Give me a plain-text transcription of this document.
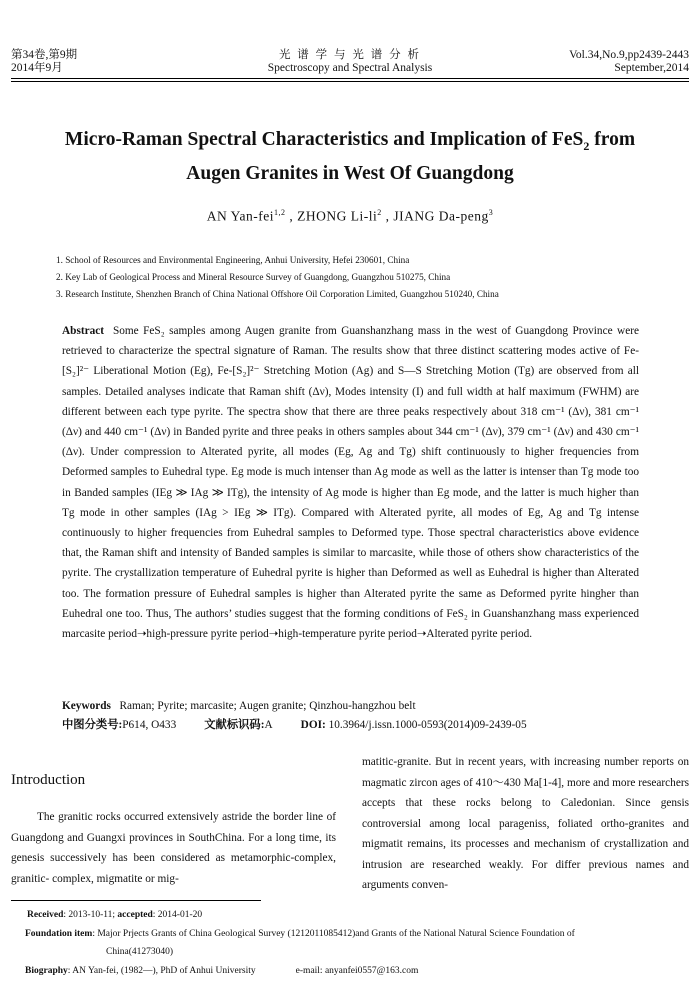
第34卷,第9期
2014年9月
光 谱 学 与 光 谱 分 析
Spectroscopy and Spectral Analysis
Vol.34,No.9,pp2439-2443
September,2014
Micro-Raman Spectral Characteristics and Implication of FeS$_2$ from
Augen Granites in West Of Guangdong
AN Yan-fei$^{1,2}$ , ZHONG $Li-li^2$ , JIANG Da-peng$^3$
1. School of Resources and Environmental Engineering, Anhui University, Hefei 230601, China
2. Key Lab of Geological Process and Mineral Resource Survey of Guangdong, Guangzhou 510275, China
3. Research Institute, Shenzhen Branch of China National Offshore Oil Corporation Limited, Guangzhou 510240, China
Abstract Some FeS₂ samples among Augen granite from Guanshanzhang mass in the west of Guangdong Province were retrieved to characterize the spectral signature of Raman. The results show that three distinct scattering modes active of Fe-[S₂]²⁻ Liberational Motion (Eg), Fe-[S₂]²⁻ Stretching Motion (Ag) and S—S Stretching Motion (Tg) are observed from all samples. Detailed analyses indicate that Raman shift (Δν), Modes intensity (I) and full width at half maximum (FWHM) are different between each type pyrite. The spectra show that there are three peaks respectively about 318 cm⁻¹ (Δν), 381 cm⁻¹ (Δν) and 440 cm⁻¹ (Δν) in Banded pyrite and three peaks in others samples about 344 cm⁻¹ (Δν), 379 cm⁻¹ (Δν) and 430 cm⁻¹ (Δν). Under compression to Alterated pyrite, all modes (Eg, Ag and Tg) shift continuously to higher frequencies from Deformed samples to Euhedral type. Eg mode is much intenser than Ag mode as well as the latter is intenser than Tg mode too in Banded samples (IEg ≫ IAg ≫ ITg), the intensity of Ag mode is higher than Eg mode, and the latter is much higher than Tg mode in other samples (IAg > IEg ≫ ITg). Compared with Alterated pyrite, all modes of Eg, Ag and Tg intense continuously to higher frequencies from Euhedral samples to Deformed type. Those spectral characteristics above evidence that, the Raman shift and intensity of Banded samples is similar to marcasite, while those of others show characteristics of the pyrite. The crystallization temperature of Euhedral pyrite is higher than Deformed as well as Euhedral is higher than Alterated too. The formation pressure of Euhedral samples is higher than Alterated pyrite the same as Deformed pyrite hingher than Euhedral one too. Thus, The authors’ studies suggest that the forming conditions of FeS₂ in Guanshanzhang mass experienced marcasite period➝high-pressure pyrite period➝high-temperature pyrite period➝Alterated pyrite period.
Keywords Raman; Pyrite; marcasite; Augen granite; Qinzhou-hangzhou belt
中图分类号:P614, O433 文献标识码:A DOI: 10.3964/j.issn.1000-0593(2014)09-2439-05
Introduction
The granitic rocks occurred extensively astride the border line of Guangdong and Guangxi provinces in SouthChina. For a long time, its genesis successively has been considered as metamorphic-complex, granitic- complex, migmatite or mig-
matitic-granite. But in recent years, with increasing number reports on magmatic zircon ages of 410～430 Ma[1-4], more and more researchers accepts that these rocks belong to Caledonian. Since gensis controversial among local parageniss, foliated ortho-granites and migmatit remains, its processes and mechanism of crystallization and intrusion are researched weakly. For differ previous names and arguments conven-
Received: 2013-10-11; accepted: 2014-01-20
Foundation item: Major Prjects Grants of China Geological Survey (1212011085412)and Grants of the National Natural Science Foundation of
China(41273040)
Biography: AN Yan-fei, (1982—), PhD of Anhui University	e-mail: anyanfei0557@163.com
